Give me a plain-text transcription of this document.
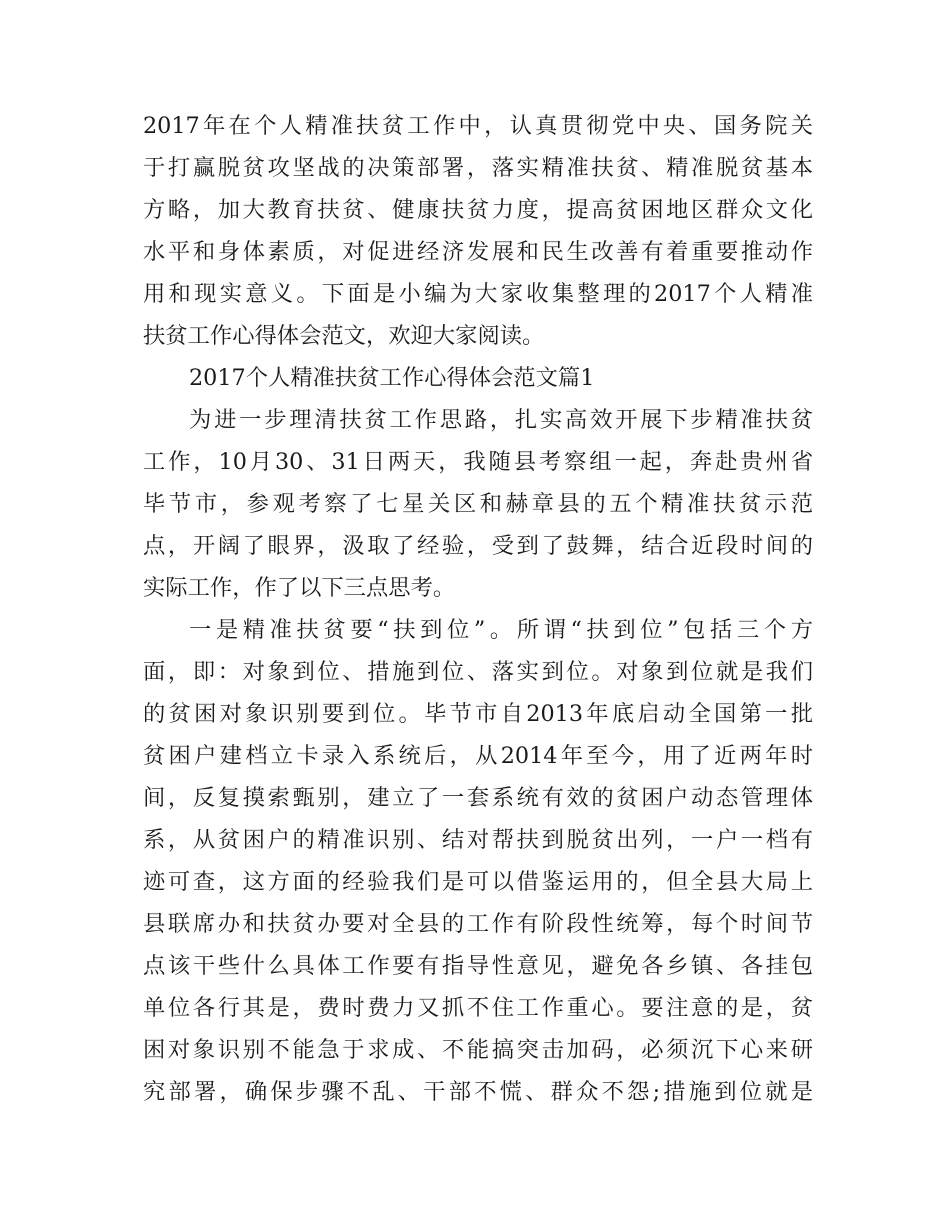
2017年在个人精准扶贫工作中，认真贯彻党中央、国务院关
于打赢脱贫攻坚战的决策部署，落实精准扶贫、精准脱贫基本
方略，加大教育扶贫、健康扶贫力度，提高贫困地区群众文化
水平和身体素质，对促进经济发展和民生改善有着重要推动作
用和现实意义。下面是小编为大家收集整理的2017个人精准
扶贫工作心得体会范文，欢迎大家阅读。
2017个人精准扶贫工作心得体会范文篇1
为进一步理清扶贫工作思路，扎实高效开展下步精准扶贫
工作，10月30、31日两天，我随县考察组一起，奔赴贵州省
毕节市，参观考察了七星关区和赫章县的五个精准扶贫示范
点，开阔了眼界，汲取了经验，受到了鼓舞，结合近段时间的
实际工作，作了以下三点思考。
一是精准扶贫要“扶到位”。所谓“扶到位”包括三个方
面，即：对象到位、措施到位、落实到位。对象到位就是我们
的贫困对象识别要到位。毕节市自2013年底启动全国第一批
贫困户建档立卡录入系统后，从2014年至今，用了近两年时
间，反复摸索甄别，建立了一套系统有效的贫困户动态管理体
系，从贫困户的精准识别、结对帮扶到脱贫出列，一户一档有
迹可查，这方面的经验我们是可以借鉴运用的，但全县大局上
县联席办和扶贫办要对全县的工作有阶段性统筹，每个时间节
点该干些什么具体工作要有指导性意见，避免各乡镇、各挂包
单位各行其是，费时费力又抓不住工作重心。要注意的是，贫
困对象识别不能急于求成、不能搞突击加码，必须沉下心来研
究部署，确保步骤不乱、干部不慌、群众不怨;措施到位就是
